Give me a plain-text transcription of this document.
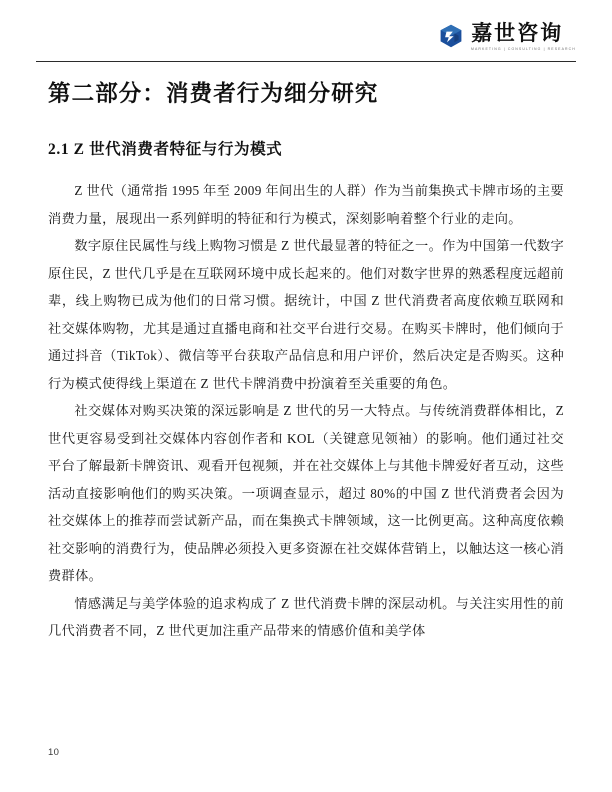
嘉世咨询
MARKETING | CONSULTING | RESEARCH
第二部分：消费者行为细分研究
2.1 Z 世代消费者特征与行为模式

Z 世代（通常指 1995 年至 2009 年间出生的人群）作为当前集换式卡牌市场的主要消费力量，展现出一系列鲜明的特征和行为模式，深刻影响着整个行业的走向。

数字原住民属性与线上购物习惯是 Z 世代最显著的特征之一。作为中国第一代数字原住民，Z 世代几乎是在互联网环境中成长起来的。他们对数字世界的熟悉程度远超前辈，线上购物已成为他们的日常习惯。据统计，中国 Z 世代消费者高度依赖互联网和社交媒体购物，尤其是通过直播电商和社交平台进行交易。在购买卡牌时，他们倾向于通过抖音（TikTok）、微信等平台获取产品信息和用户评价，然后决定是否购买。这种行为模式使得线上渠道在 Z 世代卡牌消费中扮演着至关重要的角色。

社交媒体对购买决策的深远影响是 Z 世代的另一大特点。与传统消费群体相比，Z 世代更容易受到社交媒体内容创作者和 KOL（关键意见领袖）的影响。他们通过社交平台了解最新卡牌资讯、观看开包视频，并在社交媒体上与其他卡牌爱好者互动，这些活动直接影响他们的购买决策。一项调查显示，超过 80%的中国 Z 世代消费者会因为社交媒体上的推荐而尝试新产品，而在集换式卡牌领域，这一比例更高。这种高度依赖社交影响的消费行为，使品牌必须投入更多资源在社交媒体营销上，以触达这一核心消费群体。

情感满足与美学体验的追求构成了 Z 世代消费卡牌的深层动机。与关注实用性的前几代消费者不同，Z 世代更加注重产品带来的情感价值和美学体

10
